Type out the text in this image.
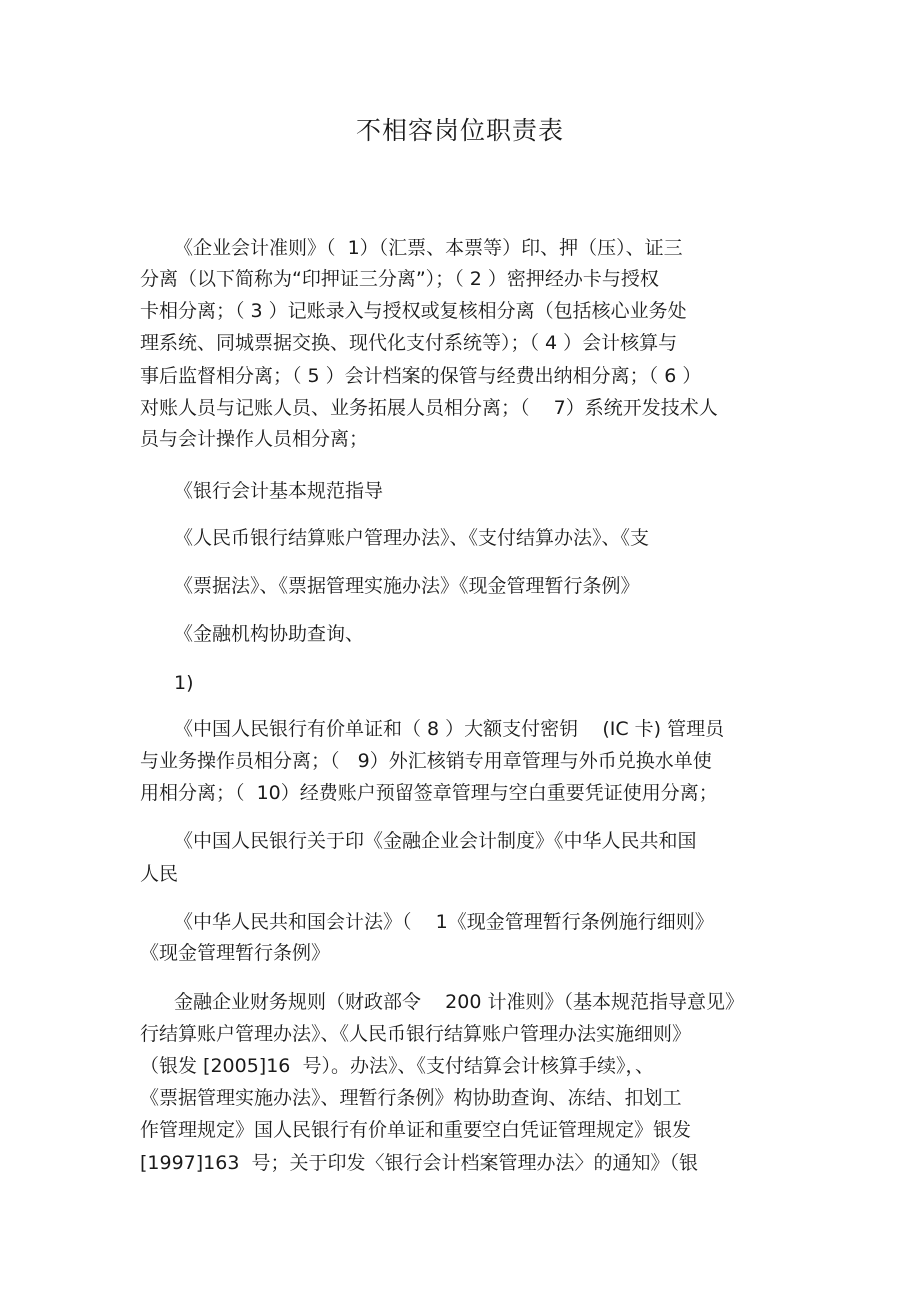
不相容岗位职责表
《企业会计准则》（  1）（汇票、本票等）印、押（压）、证三
分离（以下简称为“印押证三分离”）；（ 2 ）密押经办卡与授权
卡相分离；（ 3 ）记账录入与授权或复核相分离（包括核心业务处
理系统、同城票据交换、现代化支付系统等）；（ 4 ）会计核算与
事后监督相分离；（ 5 ）会计档案的保管与经费出纳相分离；（ 6 ）
对账人员与记账人员、业务拓展人员相分离；（    7）系统开发技术人
员与会计操作人员相分离；
《银行会计基本规范指导
《人民币银行结算账户管理办法》、《支付结算办法》、《支
《票据法》、《票据管理实施办法》《现金管理暂行条例》
《金融机构协助查询、
1)
《中国人民银行有价单证和（ 8 ）大额支付密钥    (IC 卡) 管理员
与业务操作员相分离；（   9）外汇核销专用章管理与外币兑换水单使
用相分离；（  10）经费账户预留签章管理与空白重要凭证使用分离；
《中国人民银行关于印《金融企业会计制度》《中华人民共和国
人民
《中华人民共和国会计法》（    1《现金管理暂行条例施行细则》
《现金管理暂行条例》
金融企业财务规则（财政部令    200 计准则》（基本规范指导意见》
行结算账户管理办法》、《人民币银行结算账户管理办法实施细则》
（银发 [2005]16  号）。办法》、《支付结算会计核算手续》，、
《票据管理实施办法》、理暂行条例》构协助查询、冻结、扣划工
作管理规定》国人民银行有价单证和重要空白凭证管理规定》银发
[1997]163  号；关于印发〈银行会计档案管理办法〉的通知》（银
